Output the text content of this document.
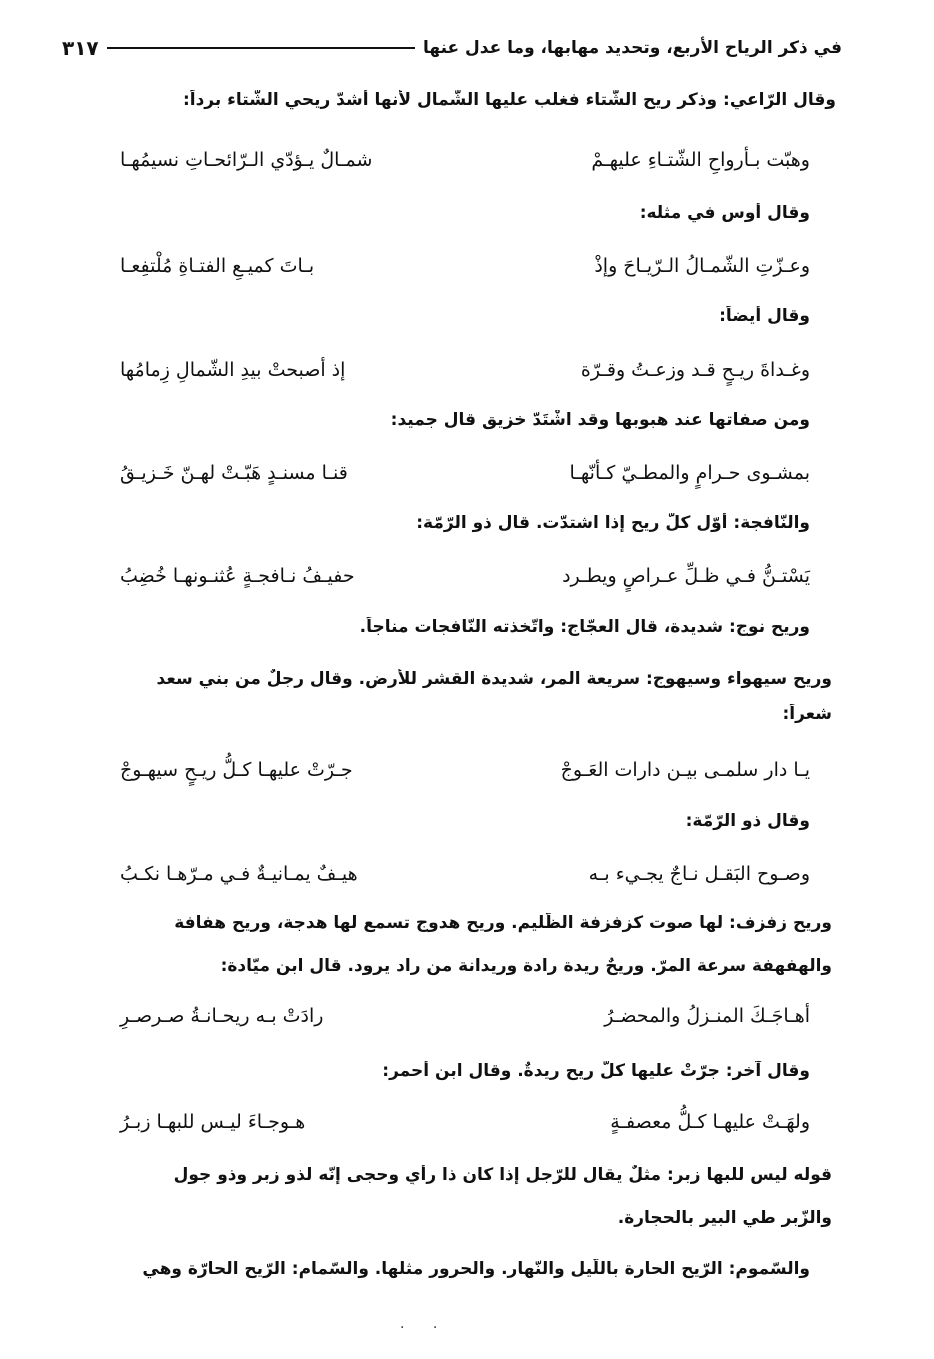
٣١٧	في ذكر الرياح الأربع، وتحديد مهابها، وما عدل عنها
وقال الرّاعي: وذكر ريح الشّتاء فغلب عليها الشّمال لأنها أشدّ ريحي الشّتاء برداً:
وهبّت بـأرواحِ الشّتـاءِ عليهـمْ
شمـالٌ يـؤدّي الـرّائحـاتِ نسيمُهـا
وقال أوس في مثله:
وعـزّتِ الشّمـالُ الـرّيـاحَ وإذْ
بـاتَ كميـعِ الفتـاةِ مُلْتفِعـا
وقال أيضاً:
وغـداةَ ريـحٍ قـد وزعـتُ وقـرّة
إذ أصبحتْ بيدِ الشّمالِ زِمامُها
ومن صفاتها عند هبوبها وقد اشْتَدّ خزيق قال جميد:
بمشـوى حـرامٍ والمطـيّ كـأنّهـا
قنـا مسنـدٍ هَبّـتْ لهـنّ خَـزيـقُ
والنّافجة: أوّل كلّ ريح إذا اشتدّت. قال ذو الرّمّة:
يَسْتـنُّ فـي ظـلِّ عـراصٍ ويطـرد
حفيـفُ نـافجـةٍ عُثنـونهـا خُضِبُ
وريح نوج: شديدة، قال العجّاج: واتّخذته النّافجات مناجاً.
وريح سيهواء وسيهوج: سريعة المر، شديدة القشر للأرض. وقال رجلٌ من بني سعد
شعراً:
يـا دار سلمـى بيـن دارات العَـوجْ
جـرّتْ عليهـا كـلُّ ريـحٍ سيهـوجْ
وقال ذو الرّمّة:
وصـوح البَقـل نـاجٌ يجـيء بـه
هيـفٌ يمـانيـةٌ فـي مـرّهـا نكـبُ
وريح زفزف: لها صوت كزفزفة الظّليم. وريح هدوج تسمع لها هدجة، وريح هفافة
والهفهفة سرعة المرّ. وريحٌ ريدة رادة وريدانة من راد يرود. قال ابن ميّادة:
أهـاجَـكَ المنـزلُ والمحضـرُ
رادَتْ بـه ريحـانـةُ صـرصـرِ
وقال آخر: جرّتْ عليها كلُّ ريحٍ ريدةٌ. وقال ابن أحمر:
ولهَـتْ عليهـا كـلُّ معصفـةٍ
هـوجـاءَ ليـس للبهـا زبـرُ
قوله ليس للبها زبر: مثلٌ يقال للرّجل إذا كان ذا رأيٍ وحجى إنّه لذو زبر وذو جول
والزّبر طي البير بالحجارة.
والسّموم: الرّيح الحارة باللّيل والنّهار. والحرور مثلها. والسّمام: الرّيح الحارّة وهي
· ·
